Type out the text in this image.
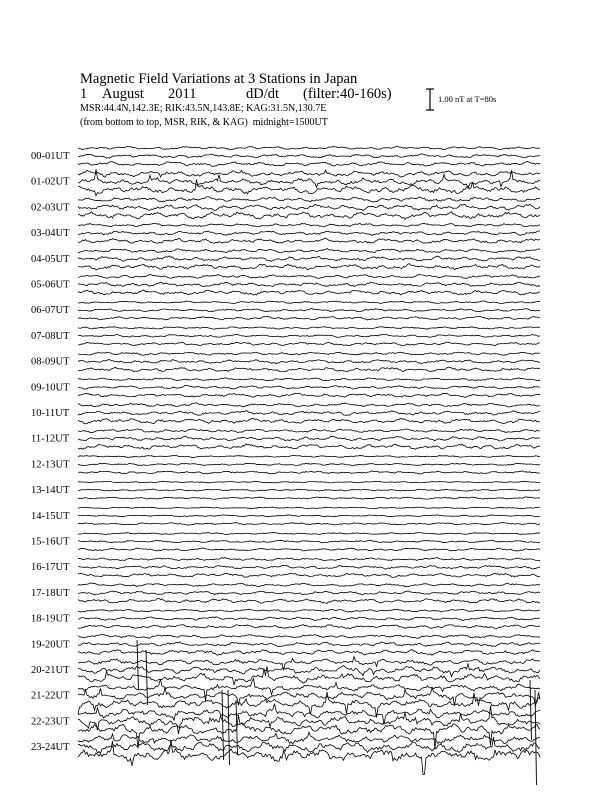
Magnetic Field Variations at 3 Stations in Japan
1 August 2011	dD/dt (filter:40-160s)
MSR:44.4N,142.3E; RIK:43.5N,143.8E; KAG:31.5N,130.7E
(from bottom to top, MSR, RIK, & KAG) midnight=1500UT
1.00 nT at T=80s
00-01UT
01-02UT
02-03UT
03-04UT
04-05UT
05-06UT
06-07UT
07-08UT
08-09UT
09-10UT
10-11UT
11-12UT
12-13UT
13-14UT
14-15UT
15-16UT
16-17UT
17-18UT
18-19UT
19-20UT
20-21UT
21-22UT
22-23UT
23-24UT
